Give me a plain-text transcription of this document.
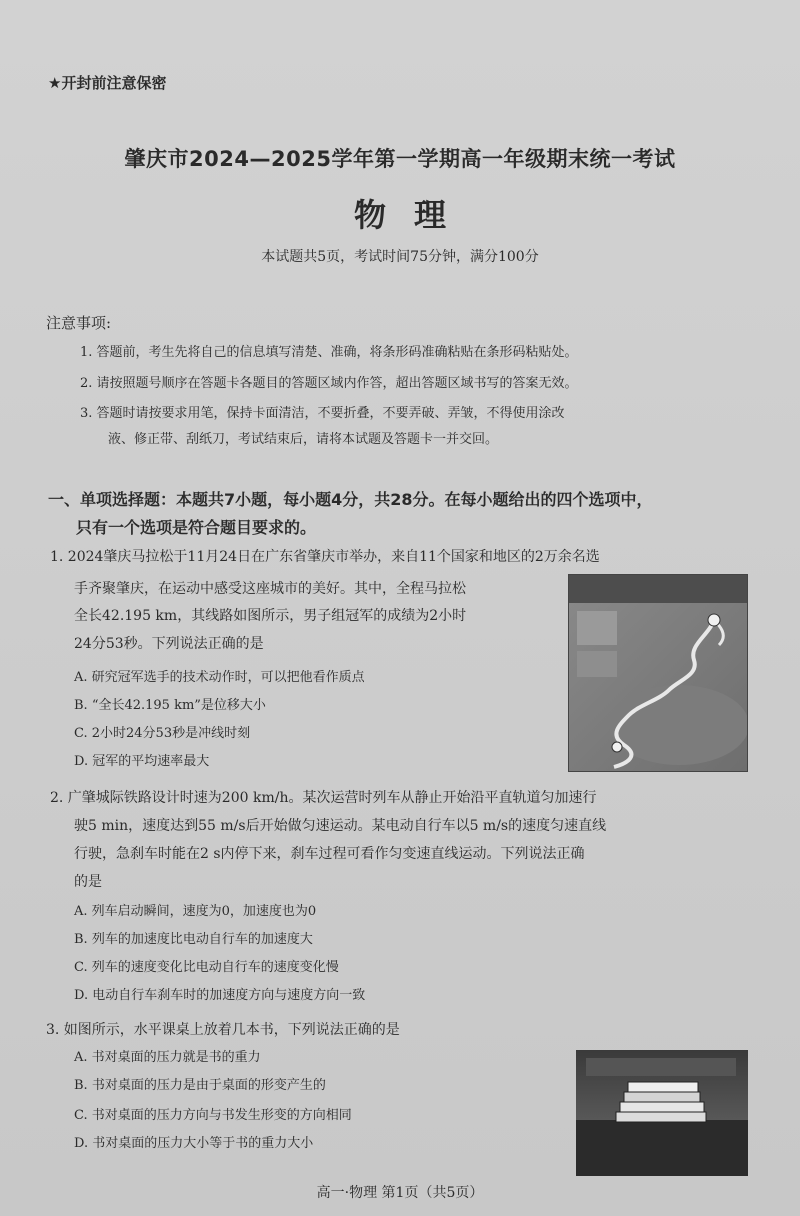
★开封前注意保密
肇庆市2024—2025学年第一学期高一年级期末统一考试
物理
本试题共5页，考试时间75分钟，满分100分
注意事项:
1. 答题前，考生先将自己的信息填写清楚、准确，将条形码准确粘贴在条形码粘贴处。
2. 请按照题号顺序在答题卡各题目的答题区域内作答，超出答题区域书写的答案无效。
3. 答题时请按要求用笔，保持卡面清洁，不要折叠，不要弄破、弄皱，不得使用涂改
液、修正带、刮纸刀，考试结束后，请将本试题及答题卡一并交回。
一、单项选择题：本题共7小题，每小题4分，共28分。在每小题给出的四个选项中，
只有一个选项是符合题目要求的。
1. 2024肇庆马拉松于11月24日在广东省肇庆市举办，来自11个国家和地区的2万余名选
手齐聚肇庆，在运动中感受这座城市的美好。其中，全程马拉松
全长42.195 km，其线路如图所示，男子组冠军的成绩为2小时
24分53秒。下列说法正确的是
A. 研究冠军选手的技术动作时，可以把他看作质点
B. “全长42.195 km”是位移大小
C. 2小时24分53秒是冲线时刻
D. 冠军的平均速率最大
2. 广肇城际铁路设计时速为200 km/h。某次运营时列车从静止开始沿平直轨道匀加速行
驶5 min，速度达到55 m/s后开始做匀速运动。某电动自行车以5 m/s的速度匀速直线
行驶，急刹车时能在2 s内停下来，刹车过程可看作匀变速直线运动。下列说法正确
的是
A. 列车启动瞬间，速度为0，加速度也为0
B. 列车的加速度比电动自行车的加速度大
C. 列车的速度变化比电动自行车的速度变化慢
D. 电动自行车刹车时的加速度方向与速度方向一致
3. 如图所示，水平课桌上放着几本书，下列说法正确的是
A. 书对桌面的压力就是书的重力
B. 书对桌面的压力是由于桌面的形变产生的
C. 书对桌面的压力方向与书发生形变的方向相同
D. 书对桌面的压力大小等于书的重力大小
高一·物理 第1页（共5页）
